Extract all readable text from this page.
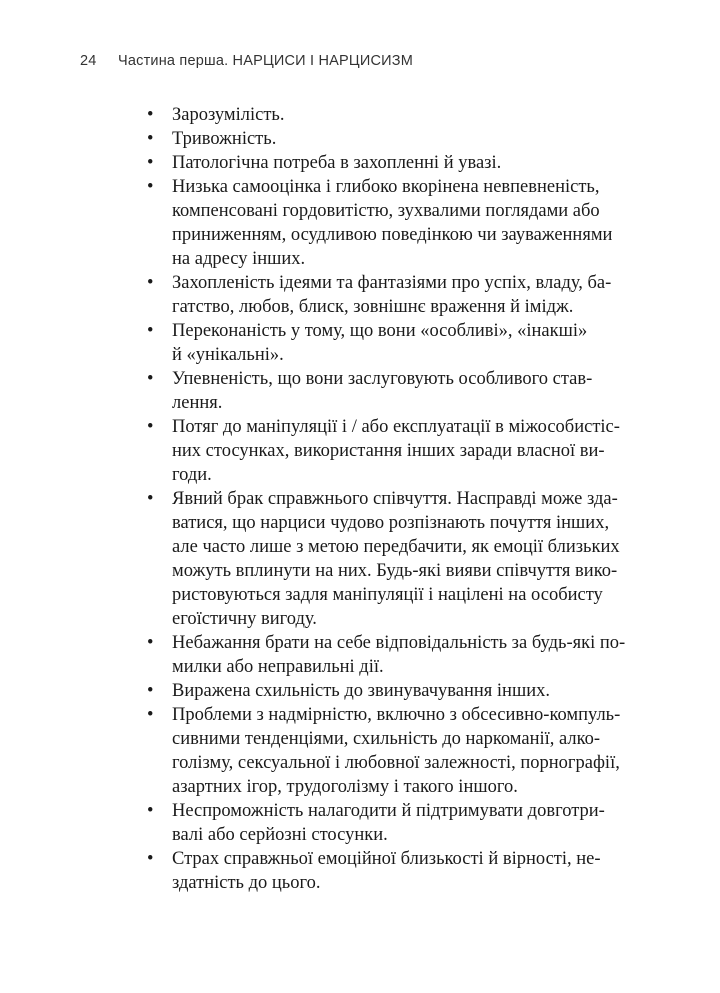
24 Частина перша. НАРЦИСИ І НАРЦИСИЗМ
•	Зарозумілість.
•	Тривожність.
•	Патологічна потреба в захопленні й увазі.
•	Низька самооцінка і глибоко вкорінена невпевненість,
компенсовані гордовитістю, зухвалими поглядами або
приниженням, осудливою поведінкою чи зауваженнями
на адресу інших.
•	Захопленість ідеями та фантазіями про успіх, владу, ба-
гатство, любов, блиск, зовнішнє враження й імідж.
•	Переконаність у тому, що вони «особливі», «інакші»
й «унікальні».
•	Упевненість, що вони заслуговують особливого став-
лення.
•	Потяг до маніпуляції і / або експлуатації в міжособистіс-
них стосунках, використання інших заради власної ви-
годи.
•	Явний брак справжнього співчуття. Насправді може зда-
ватися, що нарциси чудово розпізнають почуття інших,
але часто лише з метою передбачити, як емоції близьких
можуть вплинути на них. Будь-які вияви співчуття вико-
ристовуються задля маніпуляції і націлені на особисту
егоїстичну вигоду.
•	Небажання брати на себе відповідальність за будь-які по-
милки або неправильні дії.
•	Виражена схильність до звинувачування інших.
•	Проблеми з надмірністю, включно з обсесивно-компуль-
сивними тенденціями, схильність до наркоманії, алко-
голізму, сексуальної і любовної залежності, порнографії,
азартних ігор, трудоголізму і такого іншого.
•	Неспроможність налагодити й підтримувати довготри-
валі або серйозні стосунки.
•	Страх справжньої емоційної близькості й вірності, не-
здатність до цього.
